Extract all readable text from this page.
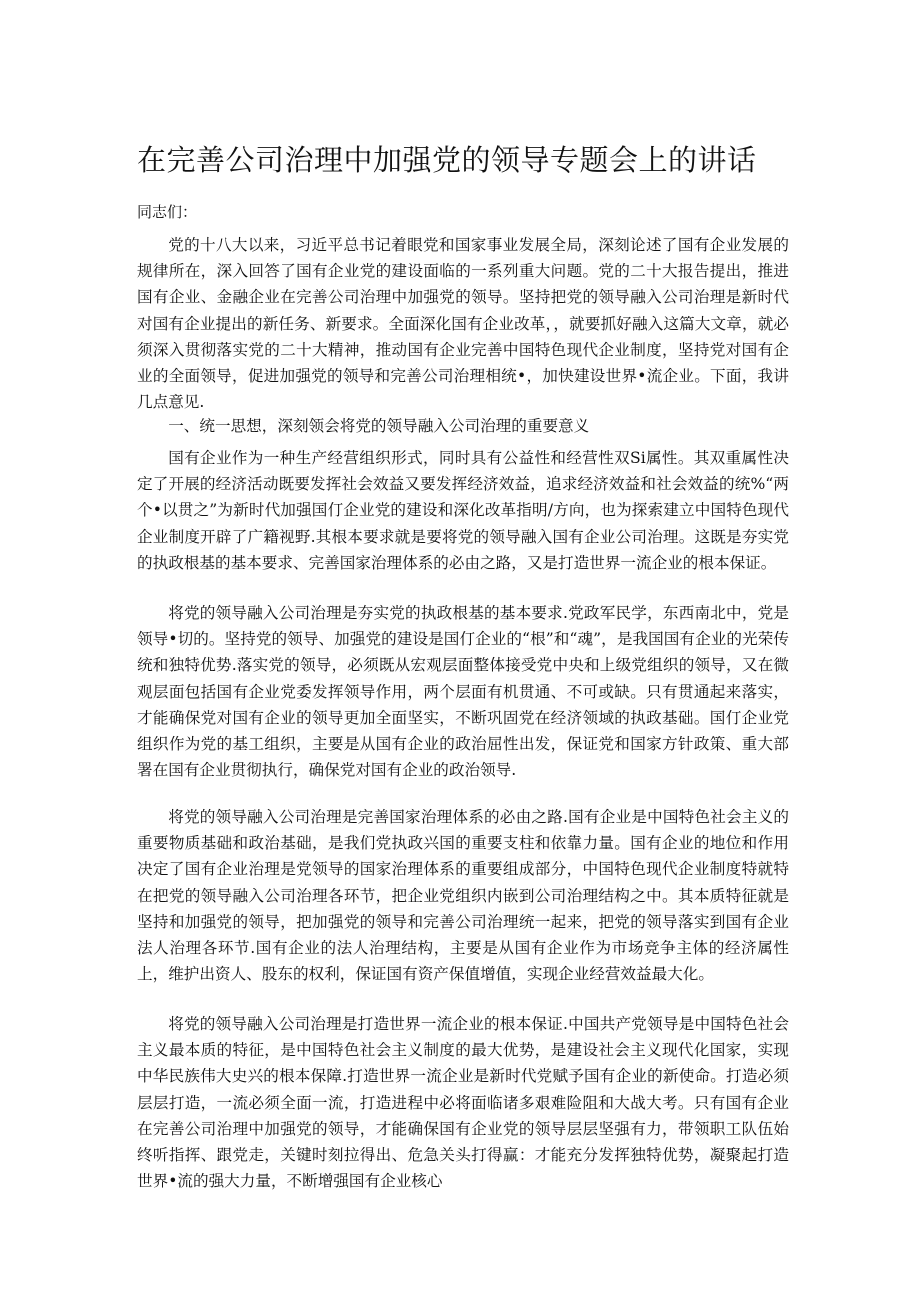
在完善公司治理中加强党的领导专题会上的讲话

同志们：

党的十八大以来，习近平总书记着眼党和国家事业发展全局，深刻论述了国有企业发展的规律所在，深入回答了国有企业党的建设面临的一系列重大问题。党的二十大报告提出，推进国有企业、金融企业在完善公司治理中加强党的领导。坚持把党的领导融入公司治理是新时代对国有企业提出的新任务、新要求。全面深化国有企业改革，，就要抓好融入这篇大文章，就必须深入贯彻落实党的二十大精神，推动国有企业完善中国特色现代企业制度，坚持党对国有企业的全面领导，促进加强党的领导和完善公司治理相统•，加快建设世界•流企业。下面，我讲几点意见.

一、统一思想，深刻领会将党的领导融入公司治理的重要意义

国有企业作为一种生产经营组织形式，同时具有公益性和经营性双Si属性。其双重属性决定了开展的经济活动既要发挥社会效益又要发挥经济效益，追求经济效益和社会效益的统%“两个•以贯之”为新时代加强国仃企业党的建设和深化改革指明/方向，也为探索建立中国特色现代企业制度开辟了广籍视野.其根本要求就是要将党的领导融入国有企业公司治理。这既是夯实党的执政根基的基本要求、完善国家治理体系的必由之路，又是打造世界一流企业的根本保证。

将党的领导融入公司治理是夯实党的执政根基的基本要求.党政军民学，东西南北中，党是领导•切的。坚持党的领导、加强党的建设是国仃企业的“根”和“魂”，是我国国有企业的光荣传统和独特优势.落实党的领导，必须既从宏观层面整体接受党中央和上级党组织的领导，又在微观层面包括国有企业党委发挥领导作用，两个层面有机贯通、不可或缺。只有贯通起来落实，才能确保党对国有企业的领导更加全面坚实，不断巩固党在经济领域的执政基础。国仃企业党组织作为党的基工组织，主要是从国有企业的政治屈性出发，保证党和国家方针政策、重大部署在国有企业贯彻执行，确保党对国有企业的政治领导.

将党的领导融入公司治理是完善国家治理体系的必由之路.国有企业是中国特色社会主义的重要物质基础和政治基础，是我们党执政兴国的重要支柱和依靠力量。国有企业的地位和作用决定了国有企业治理是党领导的国家治理体系的重要组成部分，中国特色现代企业制度特就特在把党的领导融入公司治理各环节，把企业党组织内嵌到公司治理结构之中。其本质特征就是坚持和加强党的领导，把加强党的领导和完善公司治理统一起来，把党的领导落实到国有企业法人治理各环节.国有企业的法人治理结构，主要是从国有企业作为市场竞争主体的经济属性上，维护出资人、股东的权利，保证国有资产保值增值，实现企业经营效益最大化。

将党的领导融入公司治理是打造世界一流企业的根本保证.中国共产党领导是中国特色社会主义最本质的特征，是中国特色社会主义制度的最大优势，是建设社会主义现代化国家，实现中华民族伟大史兴的根本保障.打造世界一流企业是新时代党赋予国有企业的新使命。打造必须层层打造，一流必须全面一流，打造进程中必将面临诸多艰难险阻和大战大考。只有国有企业在完善公司治理中加强党的领导，才能确保国有企业党的领导层层坚强有力，带领职工队伍始终听指挥、跟党走，关键时刻拉得出、危急关头打得赢：才能充分发挥独特优势，凝聚起打造世界•流的强大力量，不断增强国有企业核心
